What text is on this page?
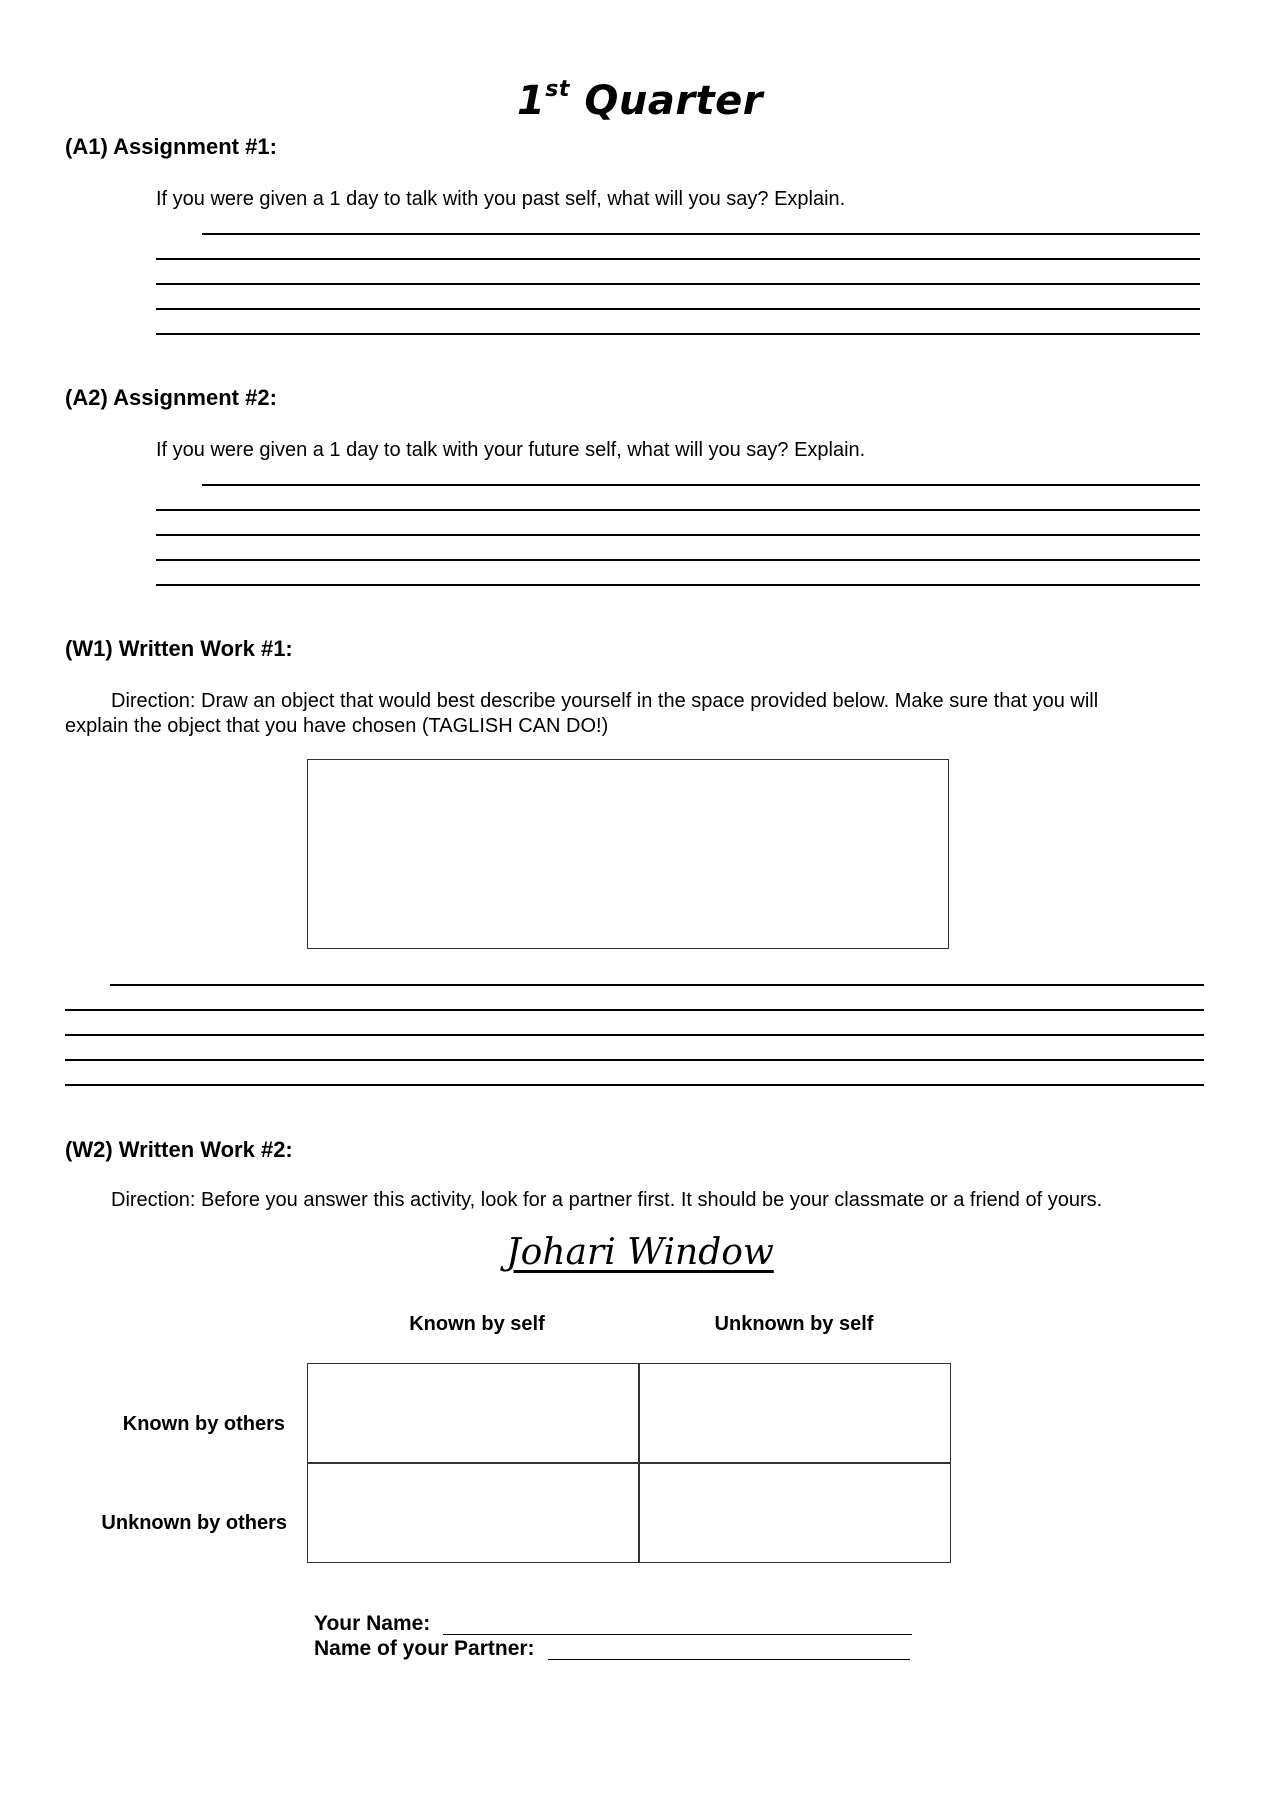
1st Quarter
(A1) Assignment #1:
If you were given a 1 day to talk with you past self, what will you say? Explain.
(A2) Assignment #2:
If you were given a 1 day to talk with your future self, what will you say? Explain.
(W1) Written Work #1:
Direction: Draw an object that would best describe yourself in the space provided below. Make sure that you will
explain the object that you have chosen (TAGLISH CAN DO!)
(W2) Written Work #2:
Direction: Before you answer this activity, look for a partner first. It should be your classmate or a friend of yours.
Johari Window
Known by self	Unknown by self
Known by others
Unknown by others
Your Name:
Name of your Partner:
